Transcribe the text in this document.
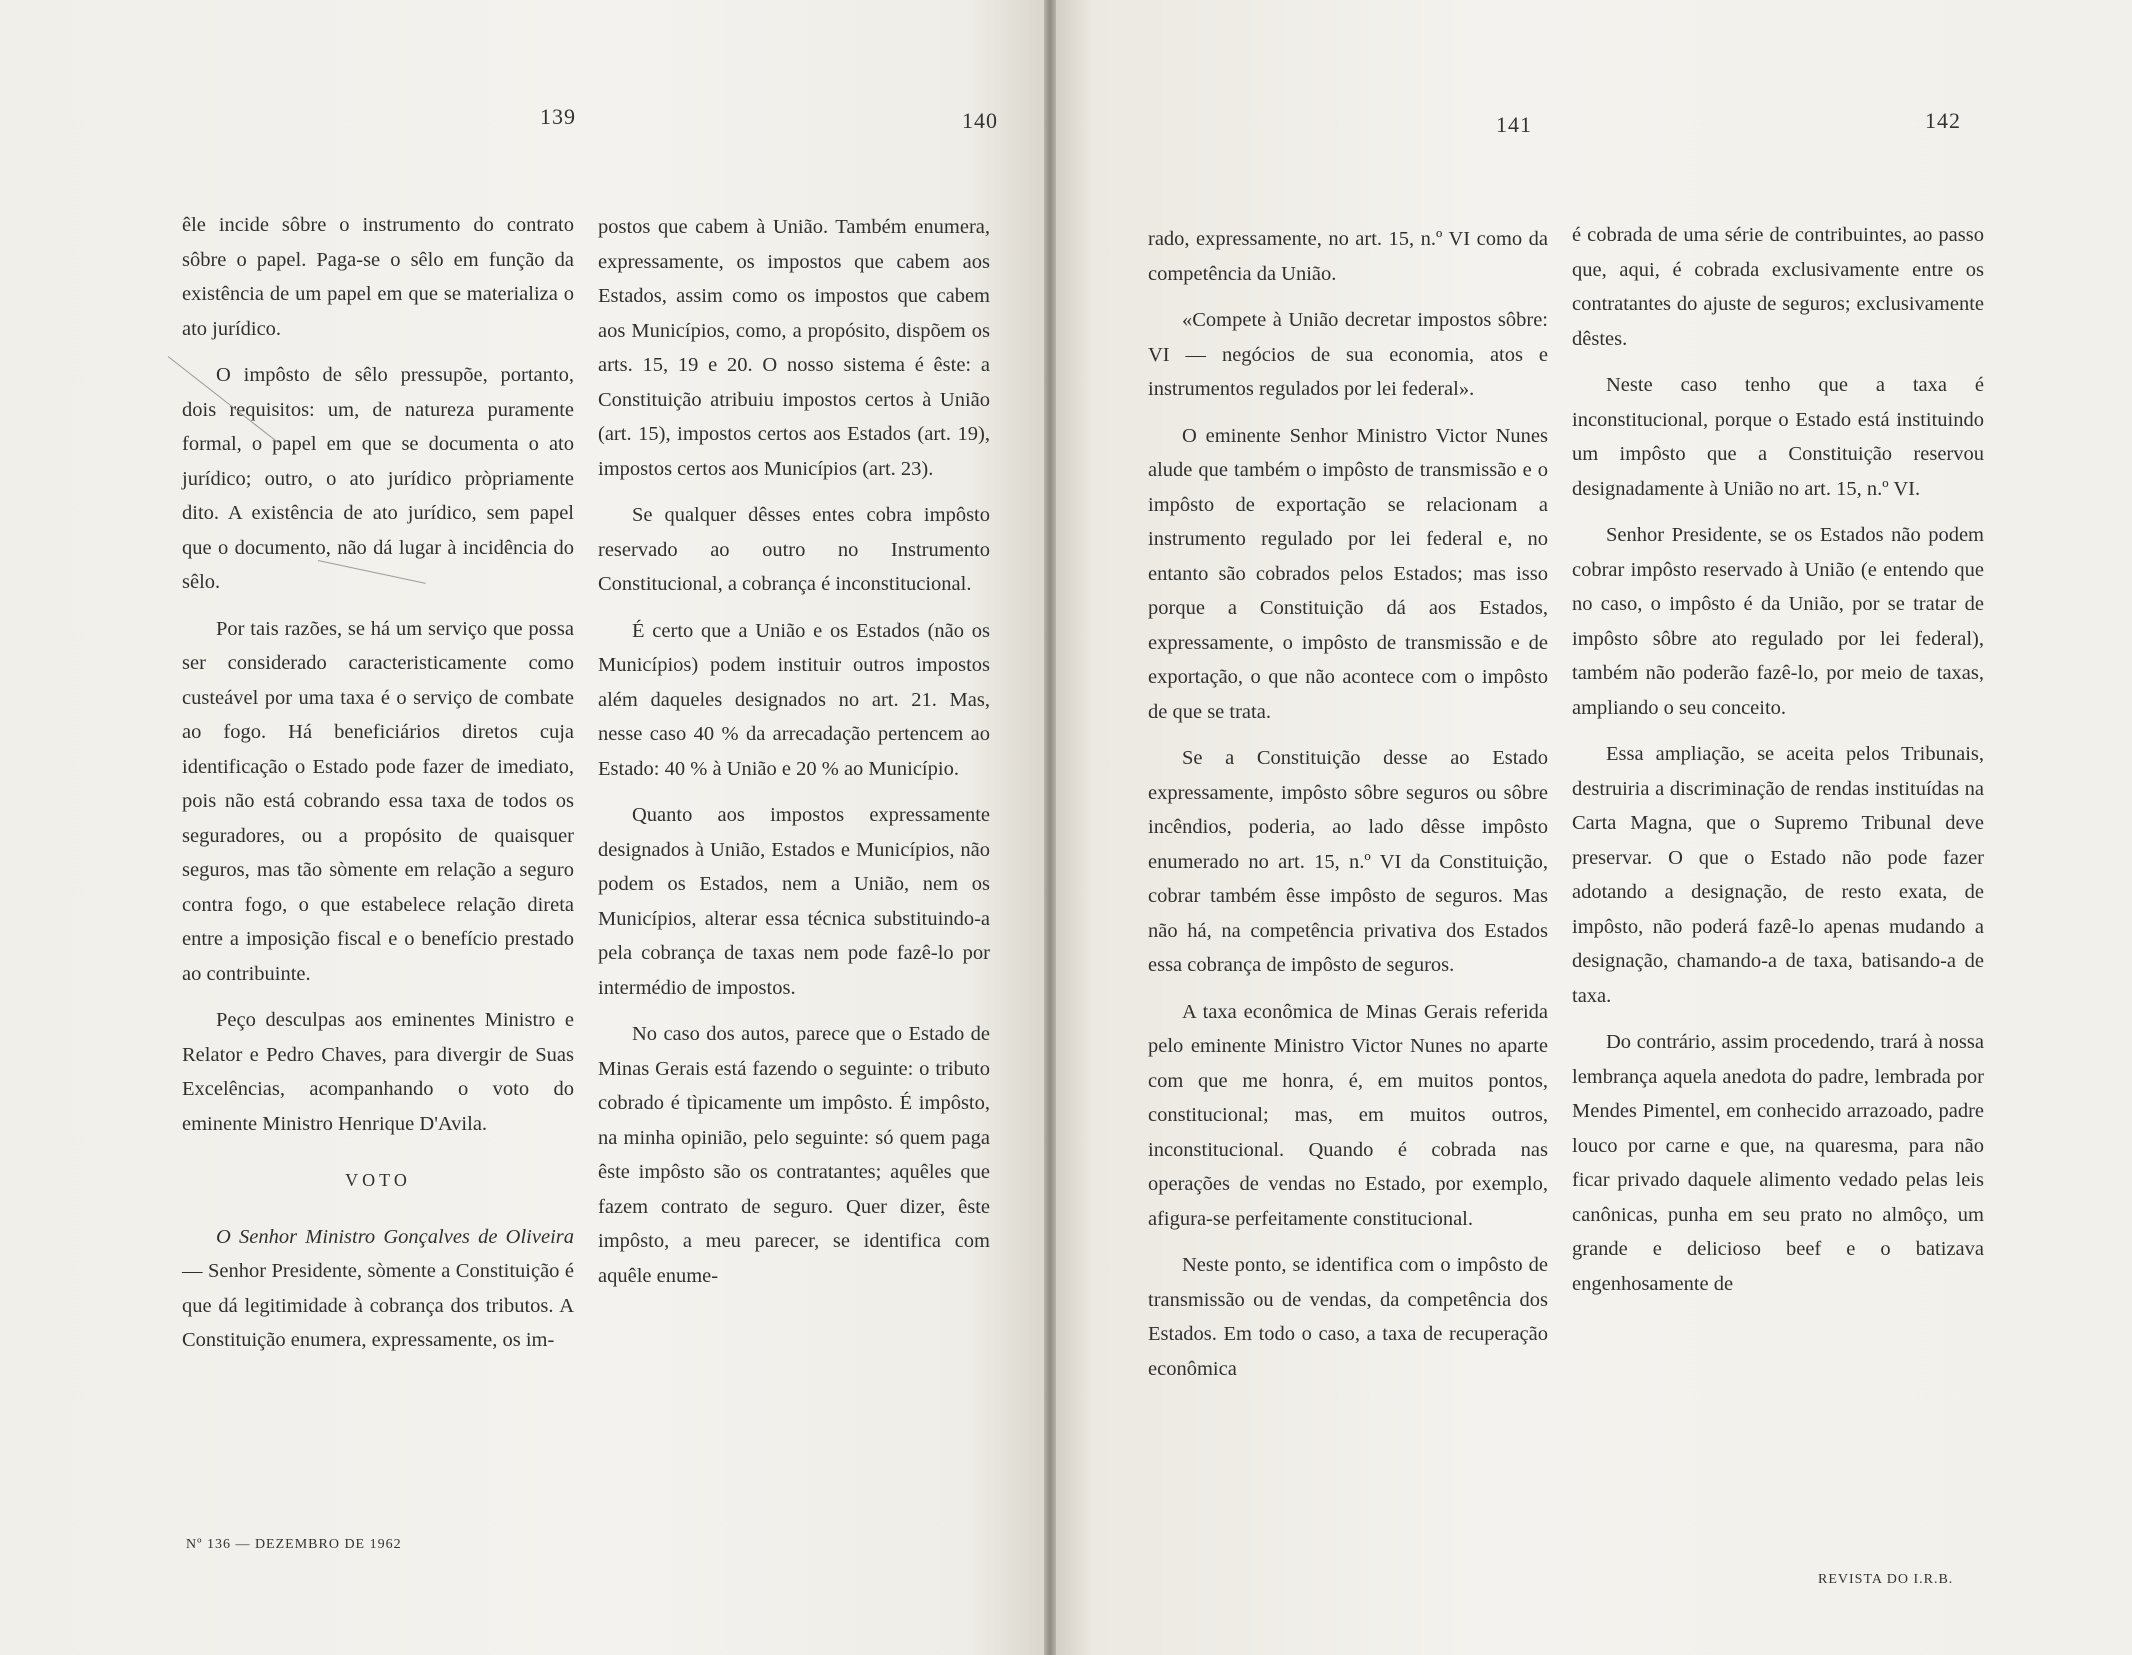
139	140	141	142

êle incide sôbre o instrumento do contrato sôbre o papel. Paga-se o sêlo em função da existência de um papel em que se materializa o ato jurídico.

O impôsto de sêlo pressupõe, portanto, dois requisitos: um, de natureza puramente formal, o papel em que se documenta o ato jurídico; outro, o ato jurídico pròpriamente dito. A existência de ato jurídico, sem papel que o documento, não dá lugar à incidência do sêlo.

Por tais razões, se há um serviço que possa ser considerado caracteristicamente como custeável por uma taxa é o serviço de combate ao fogo. Há beneficiários diretos cuja identificação o Estado pode fazer de imediato, pois não está cobrando essa taxa de todos os seguradores, ou a propósito de quaisquer seguros, mas tão sòmente em relação a seguro contra fogo, o que estabelece relação direta entre a imposição fiscal e o benefício prestado ao contribuinte.

Peço desculpas aos eminentes Ministro e Relator e Pedro Chaves, para divergir de Suas Excelências, acompanhando o voto do eminente Ministro Henrique D'Avila.

VOTO

O Senhor Ministro Gonçalves de Oliveira — Senhor Presidente, sòmente a Constituição é que dá legitimidade à cobrança dos tributos. A Constituição enumera, expressamente, os im-

postos que cabem à União. Também enumera, expressamente, os impostos que cabem aos Estados, assim como os impostos que cabem aos Municípios, como, a propósito, dispõem os arts. 15, 19 e 20. O nosso sistema é êste: a Constituição atribuiu impostos certos à União (art. 15), impostos certos aos Estados (art. 19), impostos certos aos Municípios (art. 23).

Se qualquer dêsses entes cobra impôsto reservado ao outro no Instrumento Constitucional, a cobrança é inconstitucional.

É certo que a União e os Estados (não os Municípios) podem instituir outros impostos além daqueles designados no art. 21. Mas, nesse caso 40 % da arrecadação pertencem ao Estado: 40 % à União e 20 % ao Município.

Quanto aos impostos expressamente designados à União, Estados e Municípios, não podem os Estados, nem a União, nem os Municípios, alterar essa técnica substituindo-a pela cobrança de taxas nem pode fazê-lo por intermédio de impostos.

No caso dos autos, parece que o Estado de Minas Gerais está fazendo o seguinte: o tributo cobrado é tìpicamente um impôsto. É impôsto, na minha opinião, pelo seguinte: só quem paga êste impôsto são os contratantes; aquêles que fazem contrato de seguro. Quer dizer, êste impôsto, a meu parecer, se identifica com aquêle enume-

rado, expressamente, no art. 15, n.º VI como da competência da União.

«Compete à União decretar impostos sôbre: VI — negócios de sua economia, atos e instrumentos regulados por lei federal».

O eminente Senhor Ministro Victor Nunes alude que também o impôsto de transmissão e o impôsto de exportação se relacionam a instrumento regulado por lei federal e, no entanto são cobrados pelos Estados; mas isso porque a Constituição dá aos Estados, expressamente, o impôsto de transmissão e de exportação, o que não acontece com o impôsto de que se trata.

Se a Constituição desse ao Estado expressamente, impôsto sôbre seguros ou sôbre incêndios, poderia, ao lado dêsse impôsto enumerado no art. 15, n.º VI da Constituição, cobrar também êsse impôsto de seguros. Mas não há, na competência privativa dos Estados essa cobrança de impôsto de seguros.

A taxa econômica de Minas Gerais referida pelo eminente Ministro Victor Nunes no aparte com que me honra, é, em muitos pontos, constitucional; mas, em muitos outros, inconstitucional. Quando é cobrada nas operações de vendas no Estado, por exemplo, afigura-se perfeitamente constitucional.

Neste ponto, se identifica com o impôsto de transmissão ou de vendas, da competência dos Estados. Em todo o caso, a taxa de recuperação econômica

é cobrada de uma série de contribuintes, ao passo que, aqui, é cobrada exclusivamente entre os contratantes do ajuste de seguros; exclusivamente dêstes.

Neste caso tenho que a taxa é inconstitucional, porque o Estado está instituindo um impôsto que a Constituição reservou designadamente à União no art. 15, n.º VI.

Senhor Presidente, se os Estados não podem cobrar impôsto reservado à União (e entendo que no caso, o impôsto é da União, por se tratar de impôsto sôbre ato regulado por lei federal), também não poderão fazê-lo, por meio de taxas, ampliando o seu conceito.

Essa ampliação, se aceita pelos Tribunais, destruiria a discriminação de rendas instituídas na Carta Magna, que o Supremo Tribunal deve preservar. O que o Estado não pode fazer adotando a designação, de resto exata, de impôsto, não poderá fazê-lo apenas mudando a designação, chamando-a de taxa, batisando-a de taxa.

Do contrário, assim procedendo, trará à nossa lembrança aquela anedota do padre, lembrada por Mendes Pimentel, em conhecido arrazoado, padre louco por carne e que, na quaresma, para não ficar privado daquele alimento vedado pelas leis canônicas, punha em seu prato no almôço, um grande e delicioso beef e o batizava engenhosamente de

Nº 136 — DEZEMBRO DE 1962
REVISTA DO I.R.B.
